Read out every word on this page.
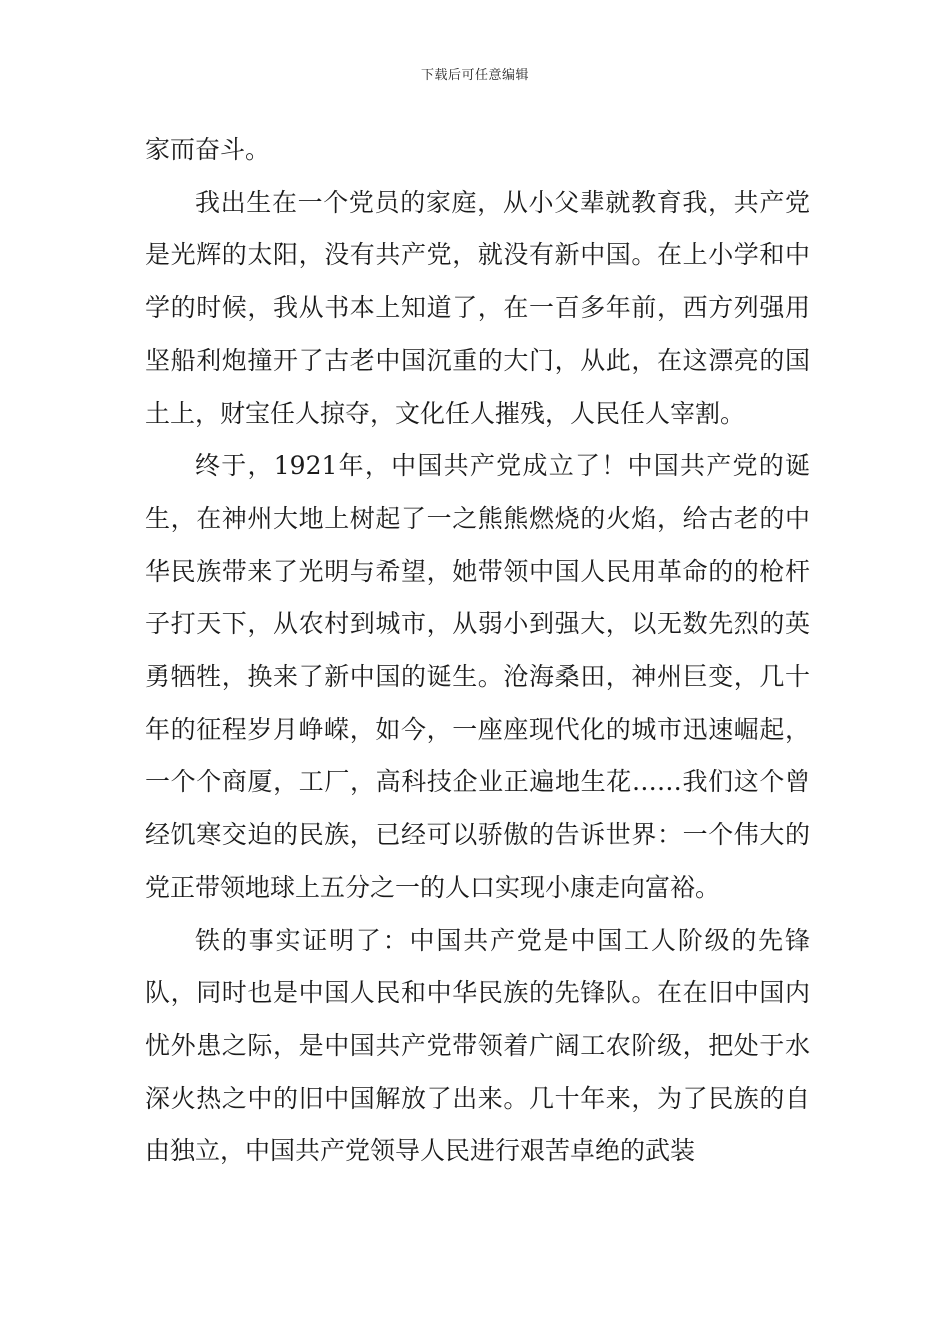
下载后可任意编辑

家而奋斗。

我出生在一个党员的家庭，从小父辈就教育我，共产党是光辉的太阳，没有共产党，就没有新中国。在上小学和中学的时候，我从书本上知道了，在一百多年前，西方列强用坚船利炮撞开了古老中国沉重的大门，从此，在这漂亮的国土上，财宝任人掠夺，文化任人摧残，人民任人宰割。

终于，1921年，中国共产党成立了！中国共产党的诞生，在神州大地上树起了一之熊熊燃烧的火焰，给古老的中华民族带来了光明与希望，她带领中国人民用革命的的枪杆子打天下，从农村到城市，从弱小到强大，以无数先烈的英勇牺牲，换来了新中国的诞生。沧海桑田，神州巨变，几十年的征程岁月峥嵘，如今，一座座现代化的城市迅速崛起，一个个商厦，工厂，高科技企业正遍地生花……我们这个曾经饥寒交迫的民族，已经可以骄傲的告诉世界：一个伟大的党正带领地球上五分之一的人口实现小康走向富裕。

铁的事实证明了：中国共产党是中国工人阶级的先锋队，同时也是中国人民和中华民族的先锋队。在在旧中国内忧外患之际，是中国共产党带领着广阔工农阶级，把处于水深火热之中的旧中国解放了出来。几十年来，为了民族的自由独立，中国共产党领导人民进行艰苦卓绝的武装
